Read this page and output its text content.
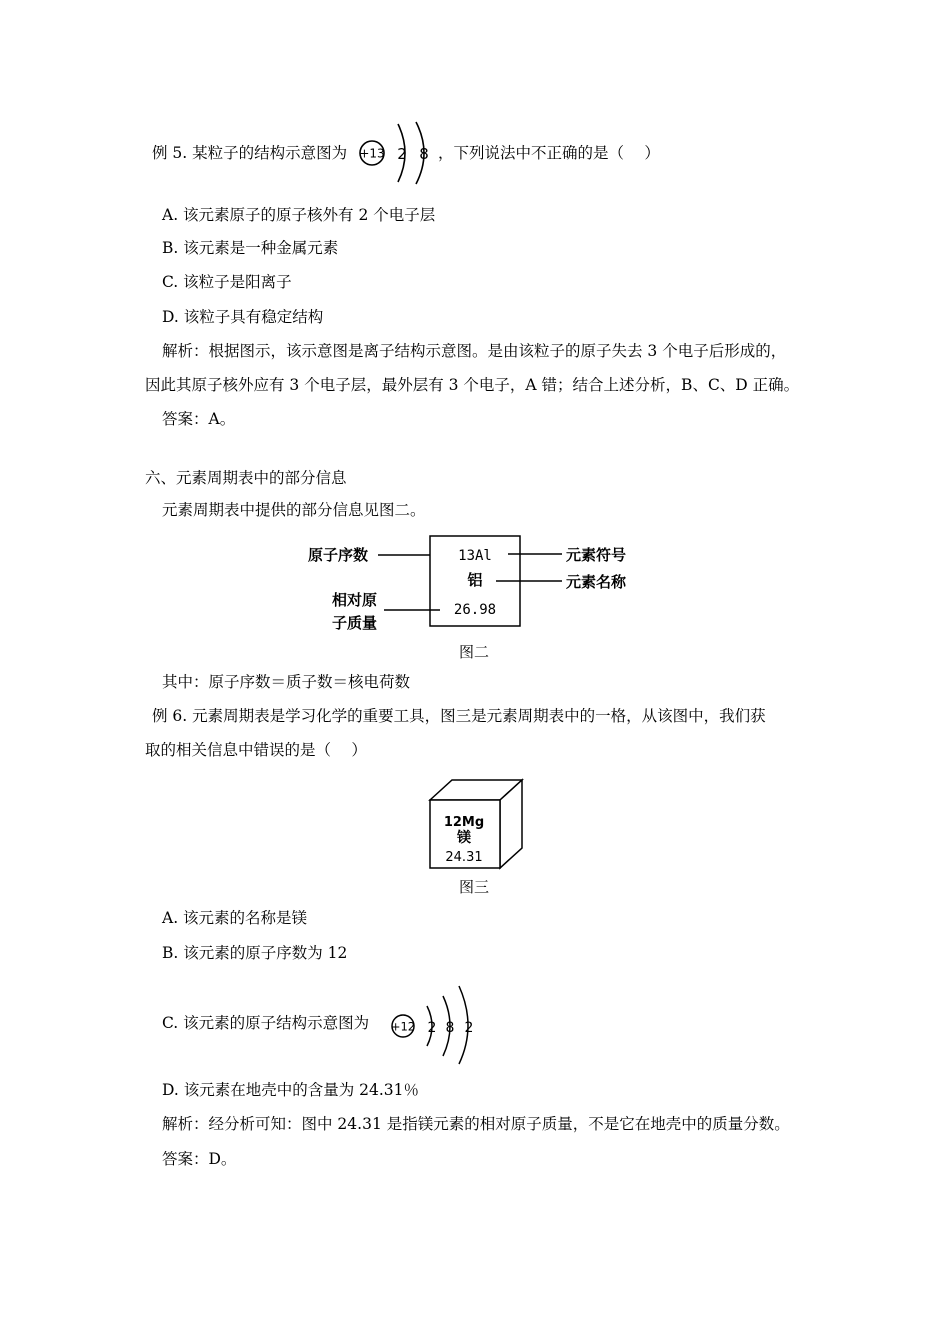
例 5. 某粒子的结构示意图为 +13 2 8 ，下列说法中不正确的是（　 ）
A. 该元素原子的原子核外有 2 个电子层
B. 该元素是一种金属元素
C. 该粒子是阳离子
D. 该粒子具有稳定结构
解析：根据图示，该示意图是离子结构示意图。是由该粒子的原子失去 3 个电子后形成的，
因此其原子核外应有 3 个电子层，最外层有 3 个电子，A 错；结合上述分析，B、C、D 正确。
答案：A。
六、元素周期表中的部分信息
元素周期表中提供的部分信息见图二。
13Al
铝
26.98
原子序数
相对原
子质量
元素符号
元素名称
图二
其中：原子序数＝质子数＝核电荷数
例 6. 元素周期表是学习化学的重要工具，图三是元素周期表中的一格，从该图中，我们获
取的相关信息中错误的是（　 ）
12Mg
镁
24.31
图三
A. 该元素的名称是镁
B. 该元素的原子序数为 12
C. 该元素的原子结构示意图为 +12 2 8 2
D. 该元素在地壳中的含量为 24.31％
解析：经分析可知：图中 24.31 是指镁元素的相对原子质量，不是它在地壳中的质量分数。
答案：D。
